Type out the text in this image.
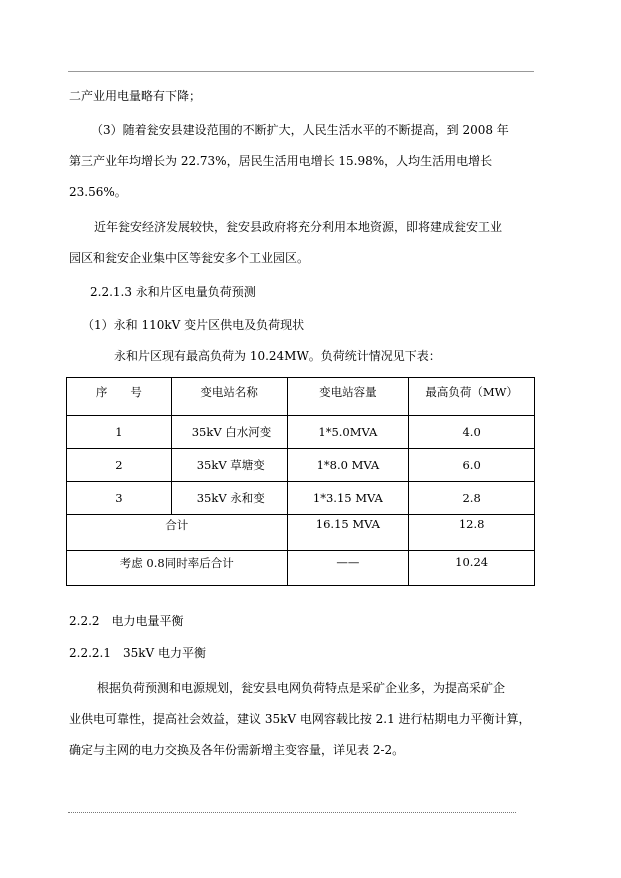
二产业用电量略有下降；
（3）随着瓮安县建设范围的不断扩大，人民生活水平的不断提高，到 2008 年
第三产业年均增长为 22.73%，居民生活用电增长 15.98%，人均生活用电增长
23.56%。
近年瓮安经济发展较快，瓮安县政府将充分利用本地资源，即将建成瓮安工业
园区和瓮安企业集中区等瓮安多个工业园区。
2.2.1.3 永和片区电量负荷预测
（1）永和 110kV 变片区供电及负荷现状
永和片区现有最高负荷为 10.24MW。负荷统计情况见下表：
序　　号	变电站名称	变电站容量	最高负荷（MW）
1	35kV 白水河变	1*5.0MVA	4.0
2	35kV 草塘变	1*8.0 MVA	6.0
3	35kV 永和变	1*3.15 MVA	2.8
合计		16.15 MVA	12.8
考虑 0.8同时率后合计		——	10.24
2.2.2　电力电量平衡
2.2.2.1　35kV 电力平衡
根据负荷预测和电源规划，瓮安县电网负荷特点是采矿企业多，为提高采矿企
业供电可靠性，提高社会效益，建议 35kV 电网容载比按 2.1 进行枯期电力平衡计算，
确定与主网的电力交换及各年份需新增主变容量，详见表 2-2。
